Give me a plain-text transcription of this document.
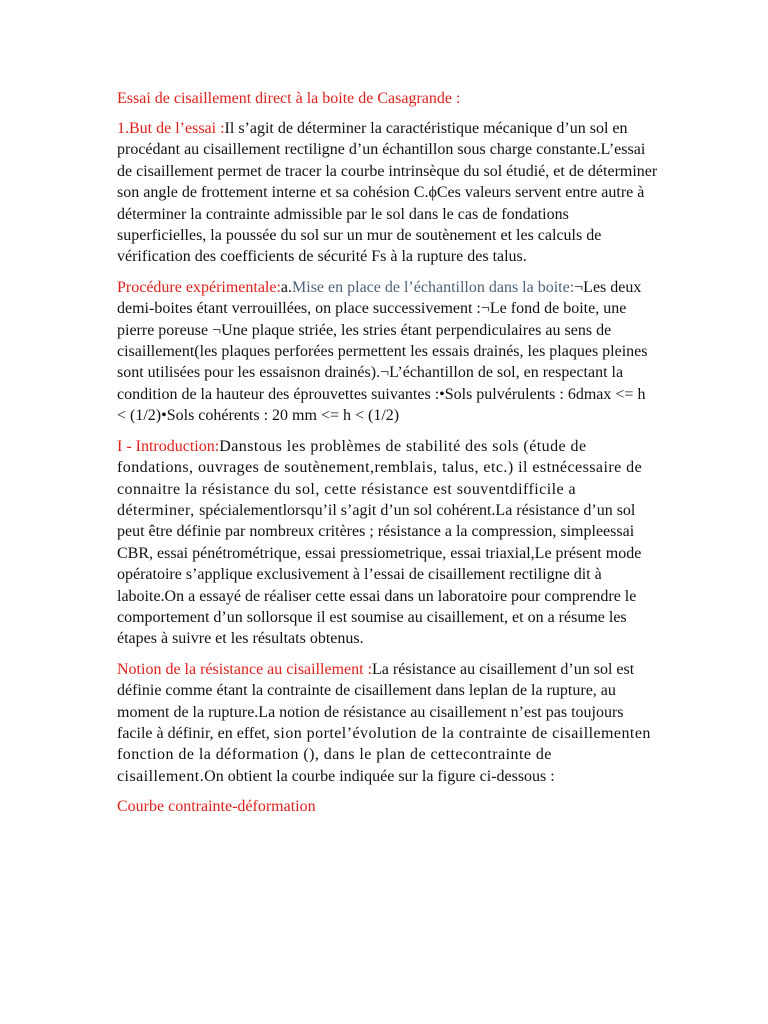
Essai de cisaillement direct à la boite de Casagrande :

1.But de l’essai :Il s’agit de déterminer la caractéristique mécanique d’un sol en procédant au cisaillement rectiligne d’un échantillon sous charge constante.L’essai de cisaillement permet de tracer la courbe intrinsèque du sol étudié, et de déterminer son angle de frottement interne et sa cohésion C.ϕCes valeurs servent entre autre à déterminer la contrainte admissible par le sol dans le cas de fondations superficielles, la poussée du sol sur un mur de soutènement et les calculs de vérification des coefficients de sécurité Fs à la rupture des talus.

Procédure expérimentale:a.Mise en place de l’échantillon dans la boite:¬Les deux demi-boites étant verrouillées, on place successivement :¬Le fond de boite, une pierre poreuse ¬Une plaque striée, les stries étant perpendiculaires au sens de cisaillement(les plaques perforées permettent les essais drainés, les plaques pleines sont utilisées pour les essaisnon drainés).¬L’échantillon de sol, en respectant la condition de la hauteur des éprouvettes suivantes :•Sols pulvérulents : 6dmax <= h < (1/2)•Sols cohérents : 20 mm <= h < (1/2)

I - Introduction:Danstous les problèmes de stabilité des sols (étude de fondations, ouvrages de soutènement,remblais, talus, etc.) il estnécessaire de connaitre la résistance du sol, cette résistance est souventdifficile a déterminer, spécialementlorsqu’il s’agit d’un sol cohérent.La résistance d’un sol peut être définie par nombreux critères ; résistance a la compression, simpleessai CBR, essai pénétrométrique, essai pressiometrique, essai triaxial,Le présent mode opératoire s’applique exclusivement à l’essai de cisaillement rectiligne dit à laboite.On a essayé de réaliser cette essai dans un laboratoire pour comprendre le comportement d’un sollorsque il est soumise au cisaillement, et on a résume les étapes à suivre et les résultats obtenus.

Notion de la résistance au cisaillement :La résistance au cisaillement d’un sol est définie comme étant la contrainte de cisaillement dans leplan de la rupture, au moment de la rupture.La notion de résistance au cisaillement n’est pas toujours facile à définir, en effet, sion portel’évolution de la contrainte de cisaillementen fonction de la déformation (), dans le plan de cettecontrainte de cisaillement.On obtient la courbe indiquée sur la figure ci-dessous :

Courbe contrainte-déformation
